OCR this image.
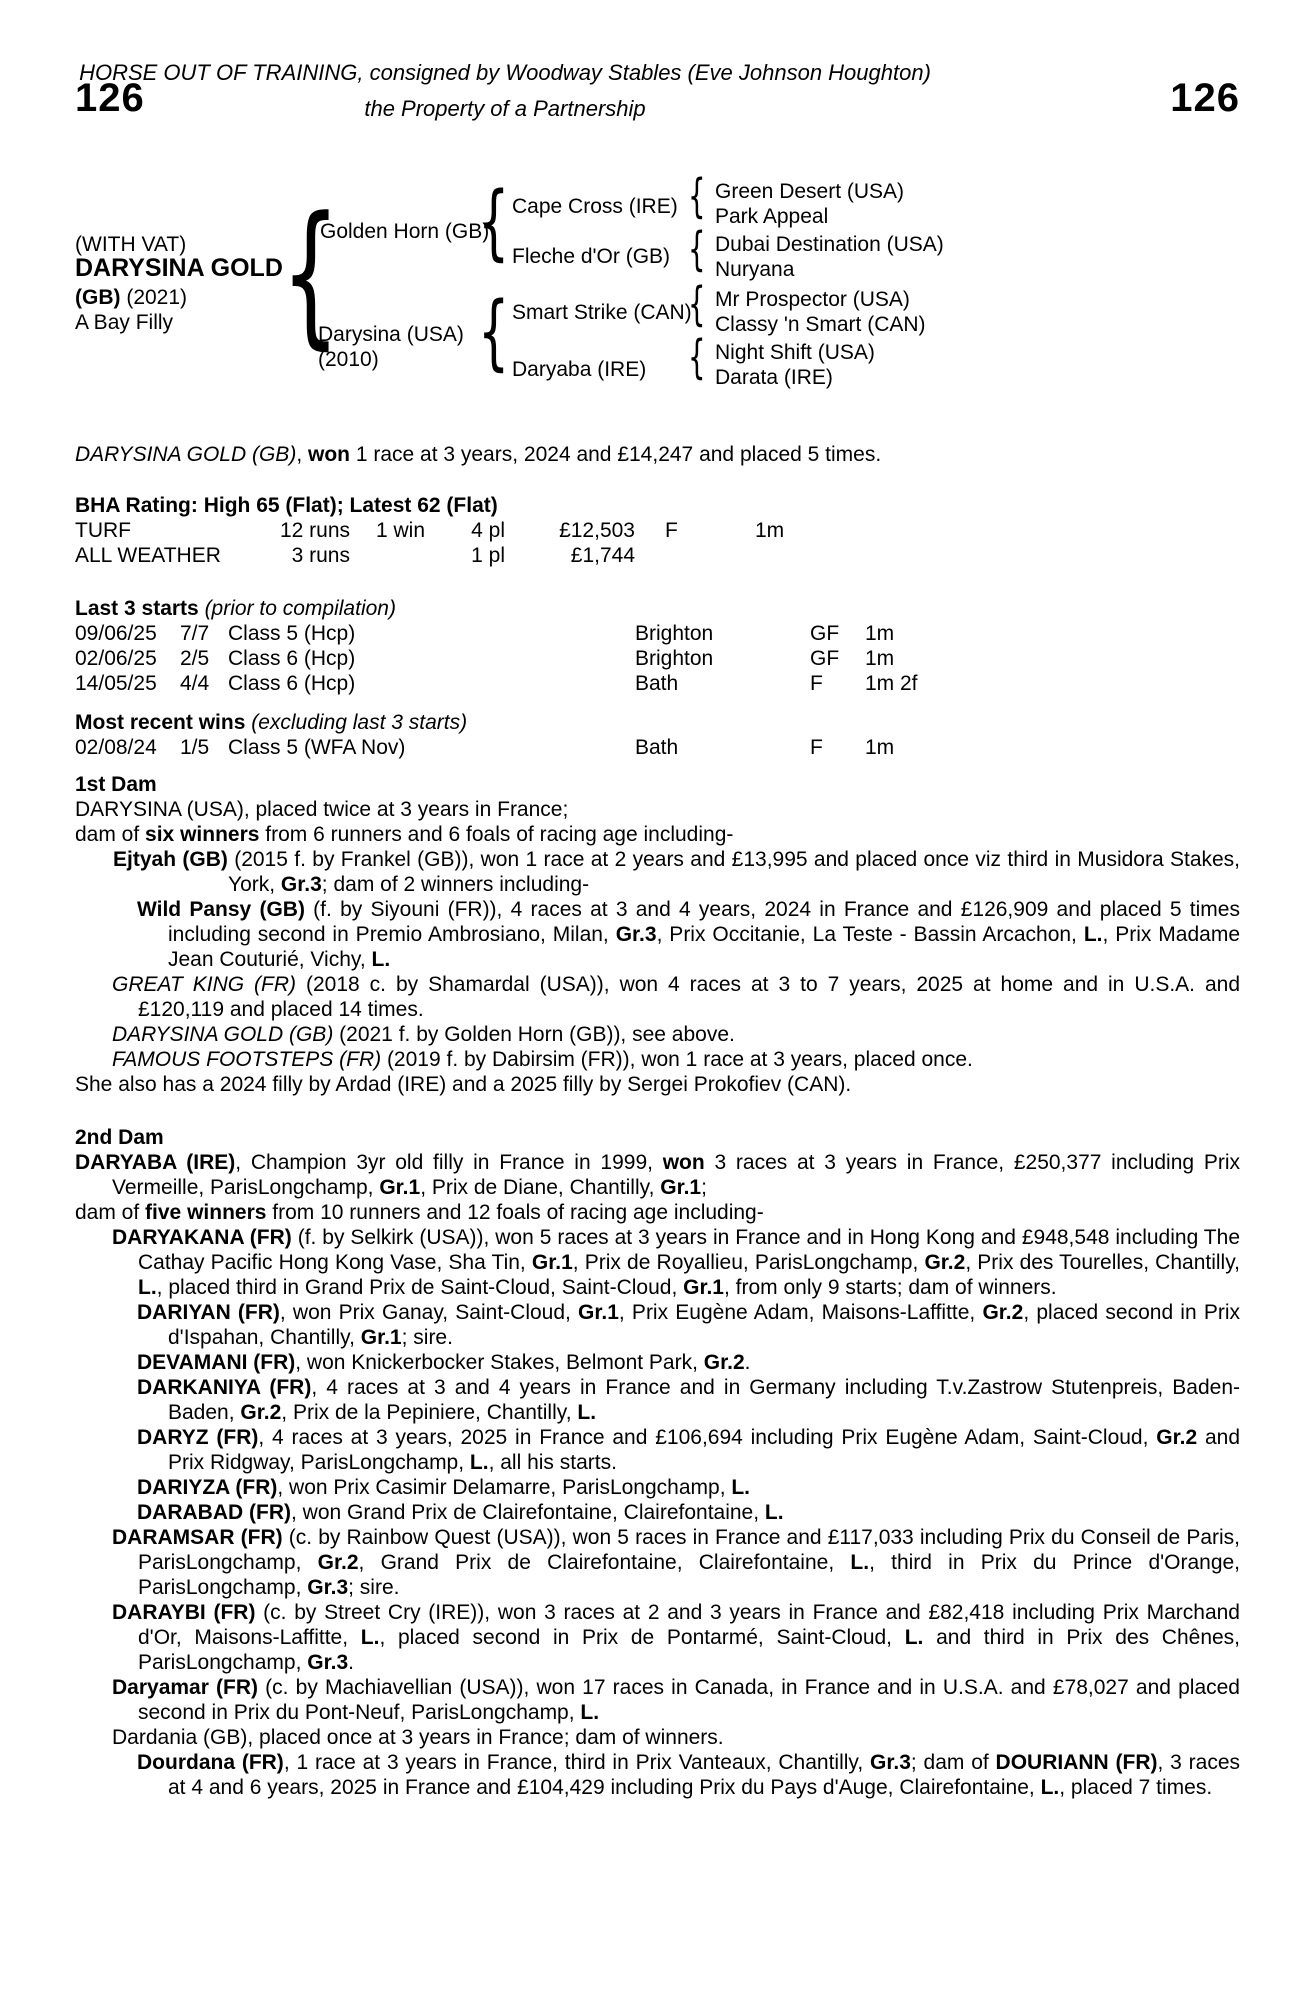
HORSE OUT OF TRAINING, consigned by Woodway Stables (Eve Johnson Houghton)
the Property of a Partnership
126	126
(WITH VAT)
DARYSINA GOLD
(GB) (2021)
A Bay Filly {
Golden Horn (GB)
Darysina (USA)
(2010)
{
{
Cape Cross (IRE)
Fleche d'Or (GB)
Smart Strike (CAN)
Daryaba (IRE)
{
{
{
{
Green Desert (USA)
Park Appeal
Dubai Destination (USA)
Nuryana
Mr Prospector (USA)
Classy 'n Smart (CAN)
Night Shift (USA)
Darata (IRE)

DARYSINA GOLD (GB), won 1 race at 3 years, 2024 and £14,247 and placed 5 times.

BHA Rating: High 65 (Flat); Latest 62 (Flat)
TURF	12 runs	1 win	4 pl	£12,503 F	1m
ALL WEATHER	3 runs	1 pl	£1,744
Last 3 starts (prior to compilation)
09/06/25 7/7 Class 5 (Hcp)	Brighton	GF 1m
02/06/25 2/5 Class 6 (Hcp)	Brighton	GF 1m
14/05/25 4/4 Class 6 (Hcp)	Bath	F 1m 2f
Most recent wins (excluding last 3 starts)
02/08/24 1/5 Class 5 (WFA Nov)	Bath	F 1m
1st Dam

DARYSINA (USA), placed twice at 3 years in France;

dam of six winners from 6 runners and 6 foals of racing age including-

Ejtyah (GB) (2015 f. by Frankel (GB)), won 1 race at 2 years and £13,995 and placed once viz third in Musidora Stakes, York, Gr.3; dam of 2 winners including-

Wild Pansy (GB) (f. by Siyouni (FR)), 4 races at 3 and 4 years, 2024 in France and £126,909 and placed 5 times including second in Premio Ambrosiano, Milan, Gr.3, Prix Occitanie, La Teste - Bassin Arcachon, L., Prix Madame Jean Couturié, Vichy, L.

GREAT KING (FR) (2018 c. by Shamardal (USA)), won 4 races at 3 to 7 years, 2025 at home and in U.S.A. and £120,119 and placed 14 times.

DARYSINA GOLD (GB) (2021 f. by Golden Horn (GB)), see above.

FAMOUS FOOTSTEPS (FR) (2019 f. by Dabirsim (FR)), won 1 race at 3 years, placed once.

She also has a 2024 filly by Ardad (IRE) and a 2025 filly by Sergei Prokofiev (CAN).

2nd Dam

DARYABA (IRE), Champion 3yr old filly in France in 1999, won 3 races at 3 years in France, £250,377 including Prix Vermeille, ParisLongchamp, Gr.1, Prix de Diane, Chantilly, Gr.1;

dam of five winners from 10 runners and 12 foals of racing age including-

DARYAKANA (FR) (f. by Selkirk (USA)), won 5 races at 3 years in France and in Hong Kong and £948,548 including The Cathay Pacific Hong Kong Vase, Sha Tin, Gr.1, Prix de Royallieu, ParisLongchamp, Gr.2, Prix des Tourelles, Chantilly, L., placed third in Grand Prix de Saint-Cloud, Saint-Cloud, Gr.1, from only 9 starts; dam of winners.

DARIYAN (FR), won Prix Ganay, Saint-Cloud, Gr.1, Prix Eugène Adam, Maisons-Laffitte, Gr.2, placed second in Prix d'Ispahan, Chantilly, Gr.1; sire.

DEVAMANI (FR), won Knickerbocker Stakes, Belmont Park, Gr.2.

DARKANIYA (FR), 4 races at 3 and 4 years in France and in Germany including T.v.Zastrow Stutenpreis, Baden-Baden, Gr.2, Prix de la Pepiniere, Chantilly, L.

DARYZ (FR), 4 races at 3 years, 2025 in France and £106,694 including Prix Eugène Adam, Saint-Cloud, Gr.2 and Prix Ridgway, ParisLongchamp, L., all his starts.

DARIYZA (FR), won Prix Casimir Delamarre, ParisLongchamp, L.

DARABAD (FR), won Grand Prix de Clairefontaine, Clairefontaine, L.

DARAMSAR (FR) (c. by Rainbow Quest (USA)), won 5 races in France and £117,033 including Prix du Conseil de Paris, ParisLongchamp, Gr.2, Grand Prix de Clairefontaine, Clairefontaine, L., third in Prix du Prince d'Orange, ParisLongchamp, Gr.3; sire.

DARAYBI (FR) (c. by Street Cry (IRE)), won 3 races at 2 and 3 years in France and £82,418 including Prix Marchand d'Or, Maisons-Laffitte, L., placed second in Prix de Pontarmé, Saint-Cloud, L. and third in Prix des Chênes, ParisLongchamp, Gr.3.

Daryamar (FR) (c. by Machiavellian (USA)), won 17 races in Canada, in France and in U.S.A. and £78,027 and placed second in Prix du Pont-Neuf, ParisLongchamp, L.

Dardania (GB), placed once at 3 years in France; dam of winners.

Dourdana (FR), 1 race at 3 years in France, third in Prix Vanteaux, Chantilly, Gr.3; dam of DOURIANN (FR), 3 races at 4 and 6 years, 2025 in France and £104,429 including Prix du Pays d'Auge, Clairefontaine, L., placed 7 times.
